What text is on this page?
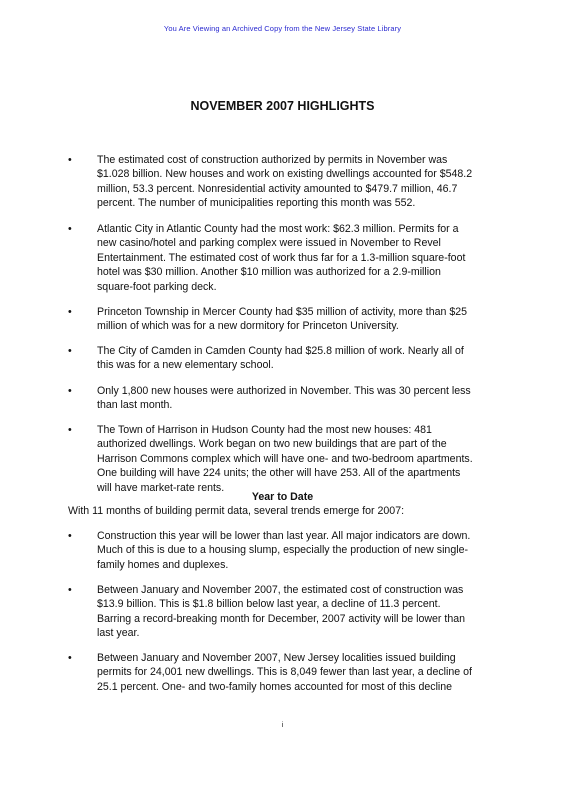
You Are Viewing an Archived Copy from the New Jersey State Library
NOVEMBER 2007 HIGHLIGHTS
•	The estimated cost of construction authorized by permits in November was
$1.028 billion. New houses and work on existing dwellings accounted for $548.2
million, 53.3 percent. Nonresidential activity amounted to $479.7 million, 46.7
percent. The number of municipalities reporting this month was 552.
•	Atlantic City in Atlantic County had the most work: $62.3 million. Permits for a
new casino/hotel and parking complex were issued in November to Revel
Entertainment. The estimated cost of work thus far for a 1.3-million square-foot
hotel was $30 million. Another $10 million was authorized for a 2.9-million
square-foot parking deck.
•	Princeton Township in Mercer County had $35 million of activity, more than $25
million of which was for a new dormitory for Princeton University.
•	The City of Camden in Camden County had $25.8 million of work. Nearly all of
this was for a new elementary school.
•	Only 1,800 new houses were authorized in November. This was 30 percent less
than last month.
•	The Town of Harrison in Hudson County had the most new houses: 481
authorized dwellings. Work began on two new buildings that are part of the
Harrison Commons complex which will have one- and two-bedroom apartments.
One building will have 224 units; the other will have 253. All of the apartments
will have market-rate rents.
Year to Date
With 11 months of building permit data, several trends emerge for 2007:
•	Construction this year will be lower than last year. All major indicators are down.
Much of this is due to a housing slump, especially the production of new single-
family homes and duplexes.
•	Between January and November 2007, the estimated cost of construction was
$13.9 billion. This is $1.8 billion below last year, a decline of 11.3 percent.
Barring a record-breaking month for December, 2007 activity will be lower than
last year.
•	Between January and November 2007, New Jersey localities issued building
permits for 24,001 new dwellings. This is 8,049 fewer than last year, a decline of
25.1 percent. One- and two-family homes accounted for most of this decline
i
